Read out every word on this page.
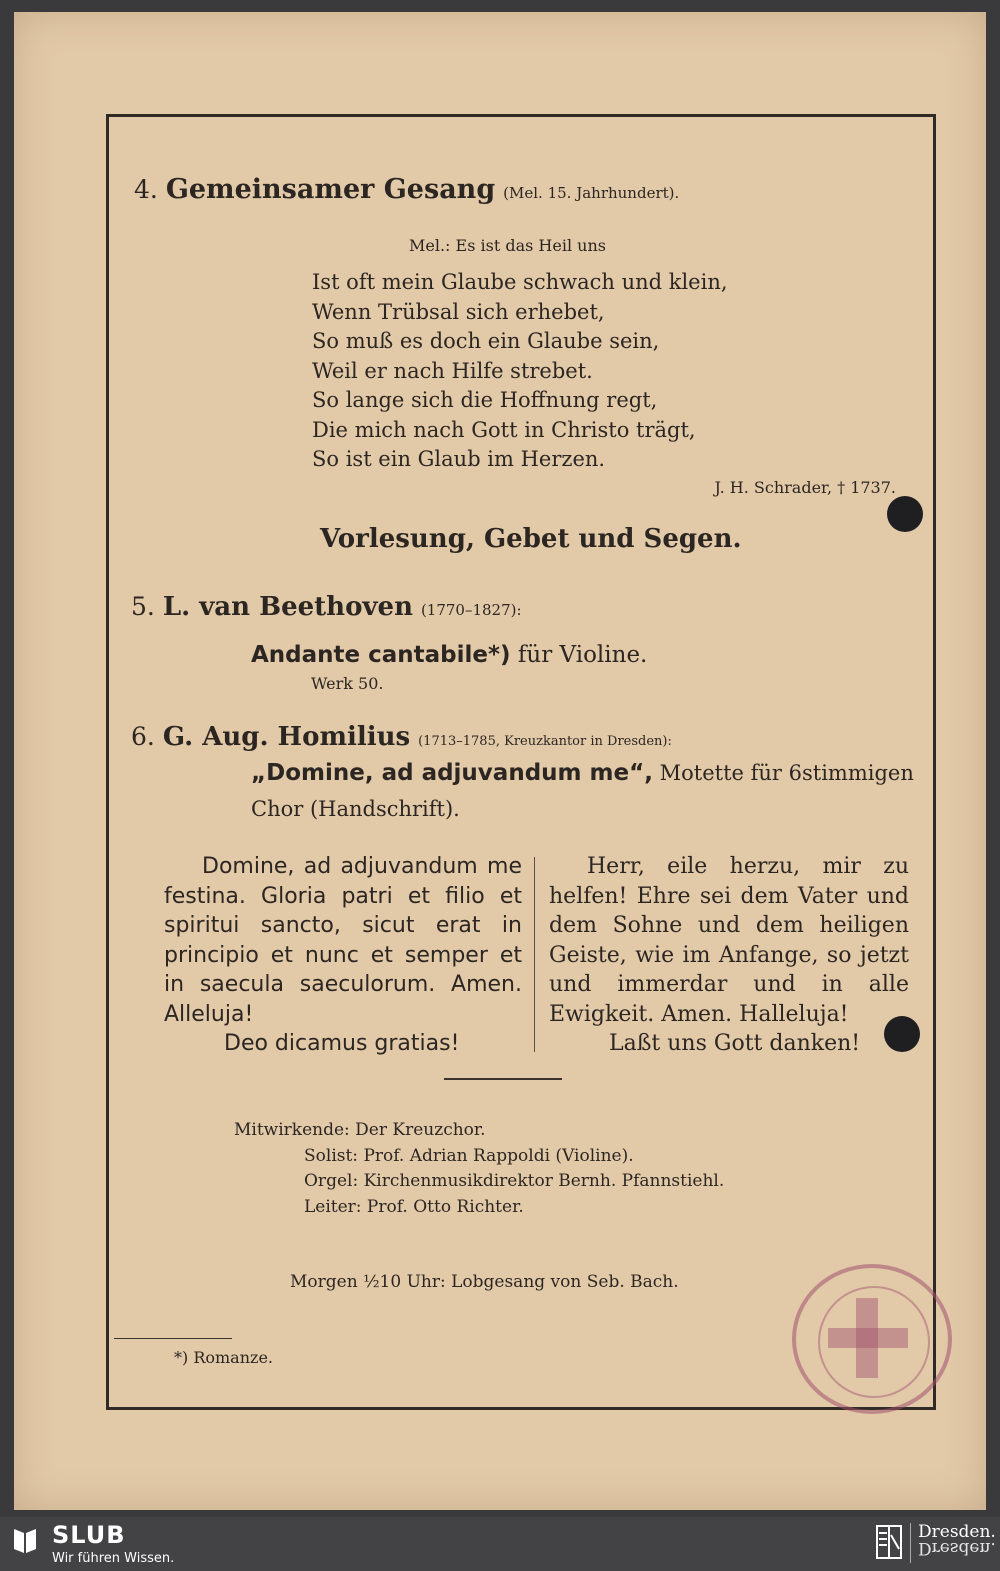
4. Gemeinsamer Gesang (Mel. 15. Jahrhundert).
Mel.: Es ist das Heil uns
Ist oft mein Glaube schwach und klein,
Wenn Trübsal sich erhebet,
So muß es doch ein Glaube sein,
Weil er nach Hilfe strebet.
So lange sich die Hoffnung regt,
Die mich nach Gott in Christo trägt,
So ist ein Glaub im Herzen.
J. H. Schrader, † 1737.
Vorlesung, Gebet und Segen.
5. L. van Beethoven (1770–1827):
Andante cantabile*) für Violine.
Werk 50.
6. G. Aug. Homilius (1713–1785, Kreuzkantor in Dresden):
„Domine, ad adjuvandum me“, Motette für 6stimmigen
Chor (Handschrift).
Domine, ad adjuvandum me festina. Gloria patri et filio et spiritui sancto, sicut erat in principio et nunc et semper et in saecula saeculorum. Amen. Alleluja!
Deo dicamus gratias!
Herr, eile herzu, mir zu helfen! Ehre sei dem Vater und dem Sohne und dem heiligen Geiste, wie im Anfange, so jetzt und immerdar und in alle Ewigkeit. Amen. Halleluja!
Laßt uns Gott danken!
Mitwirkende: Der Kreuzchor.
Solist: Prof. Adrian Rappoldi (Violine).
Orgel: Kirchenmusikdirektor Bernh. Pfannstiehl.
Leiter: Prof. Otto Richter.
Morgen ½10 Uhr: Lobgesang von Seb. Bach.
*) Romanze.
SLUB
Wir führen Wissen.
Dresden.
Dresden.
